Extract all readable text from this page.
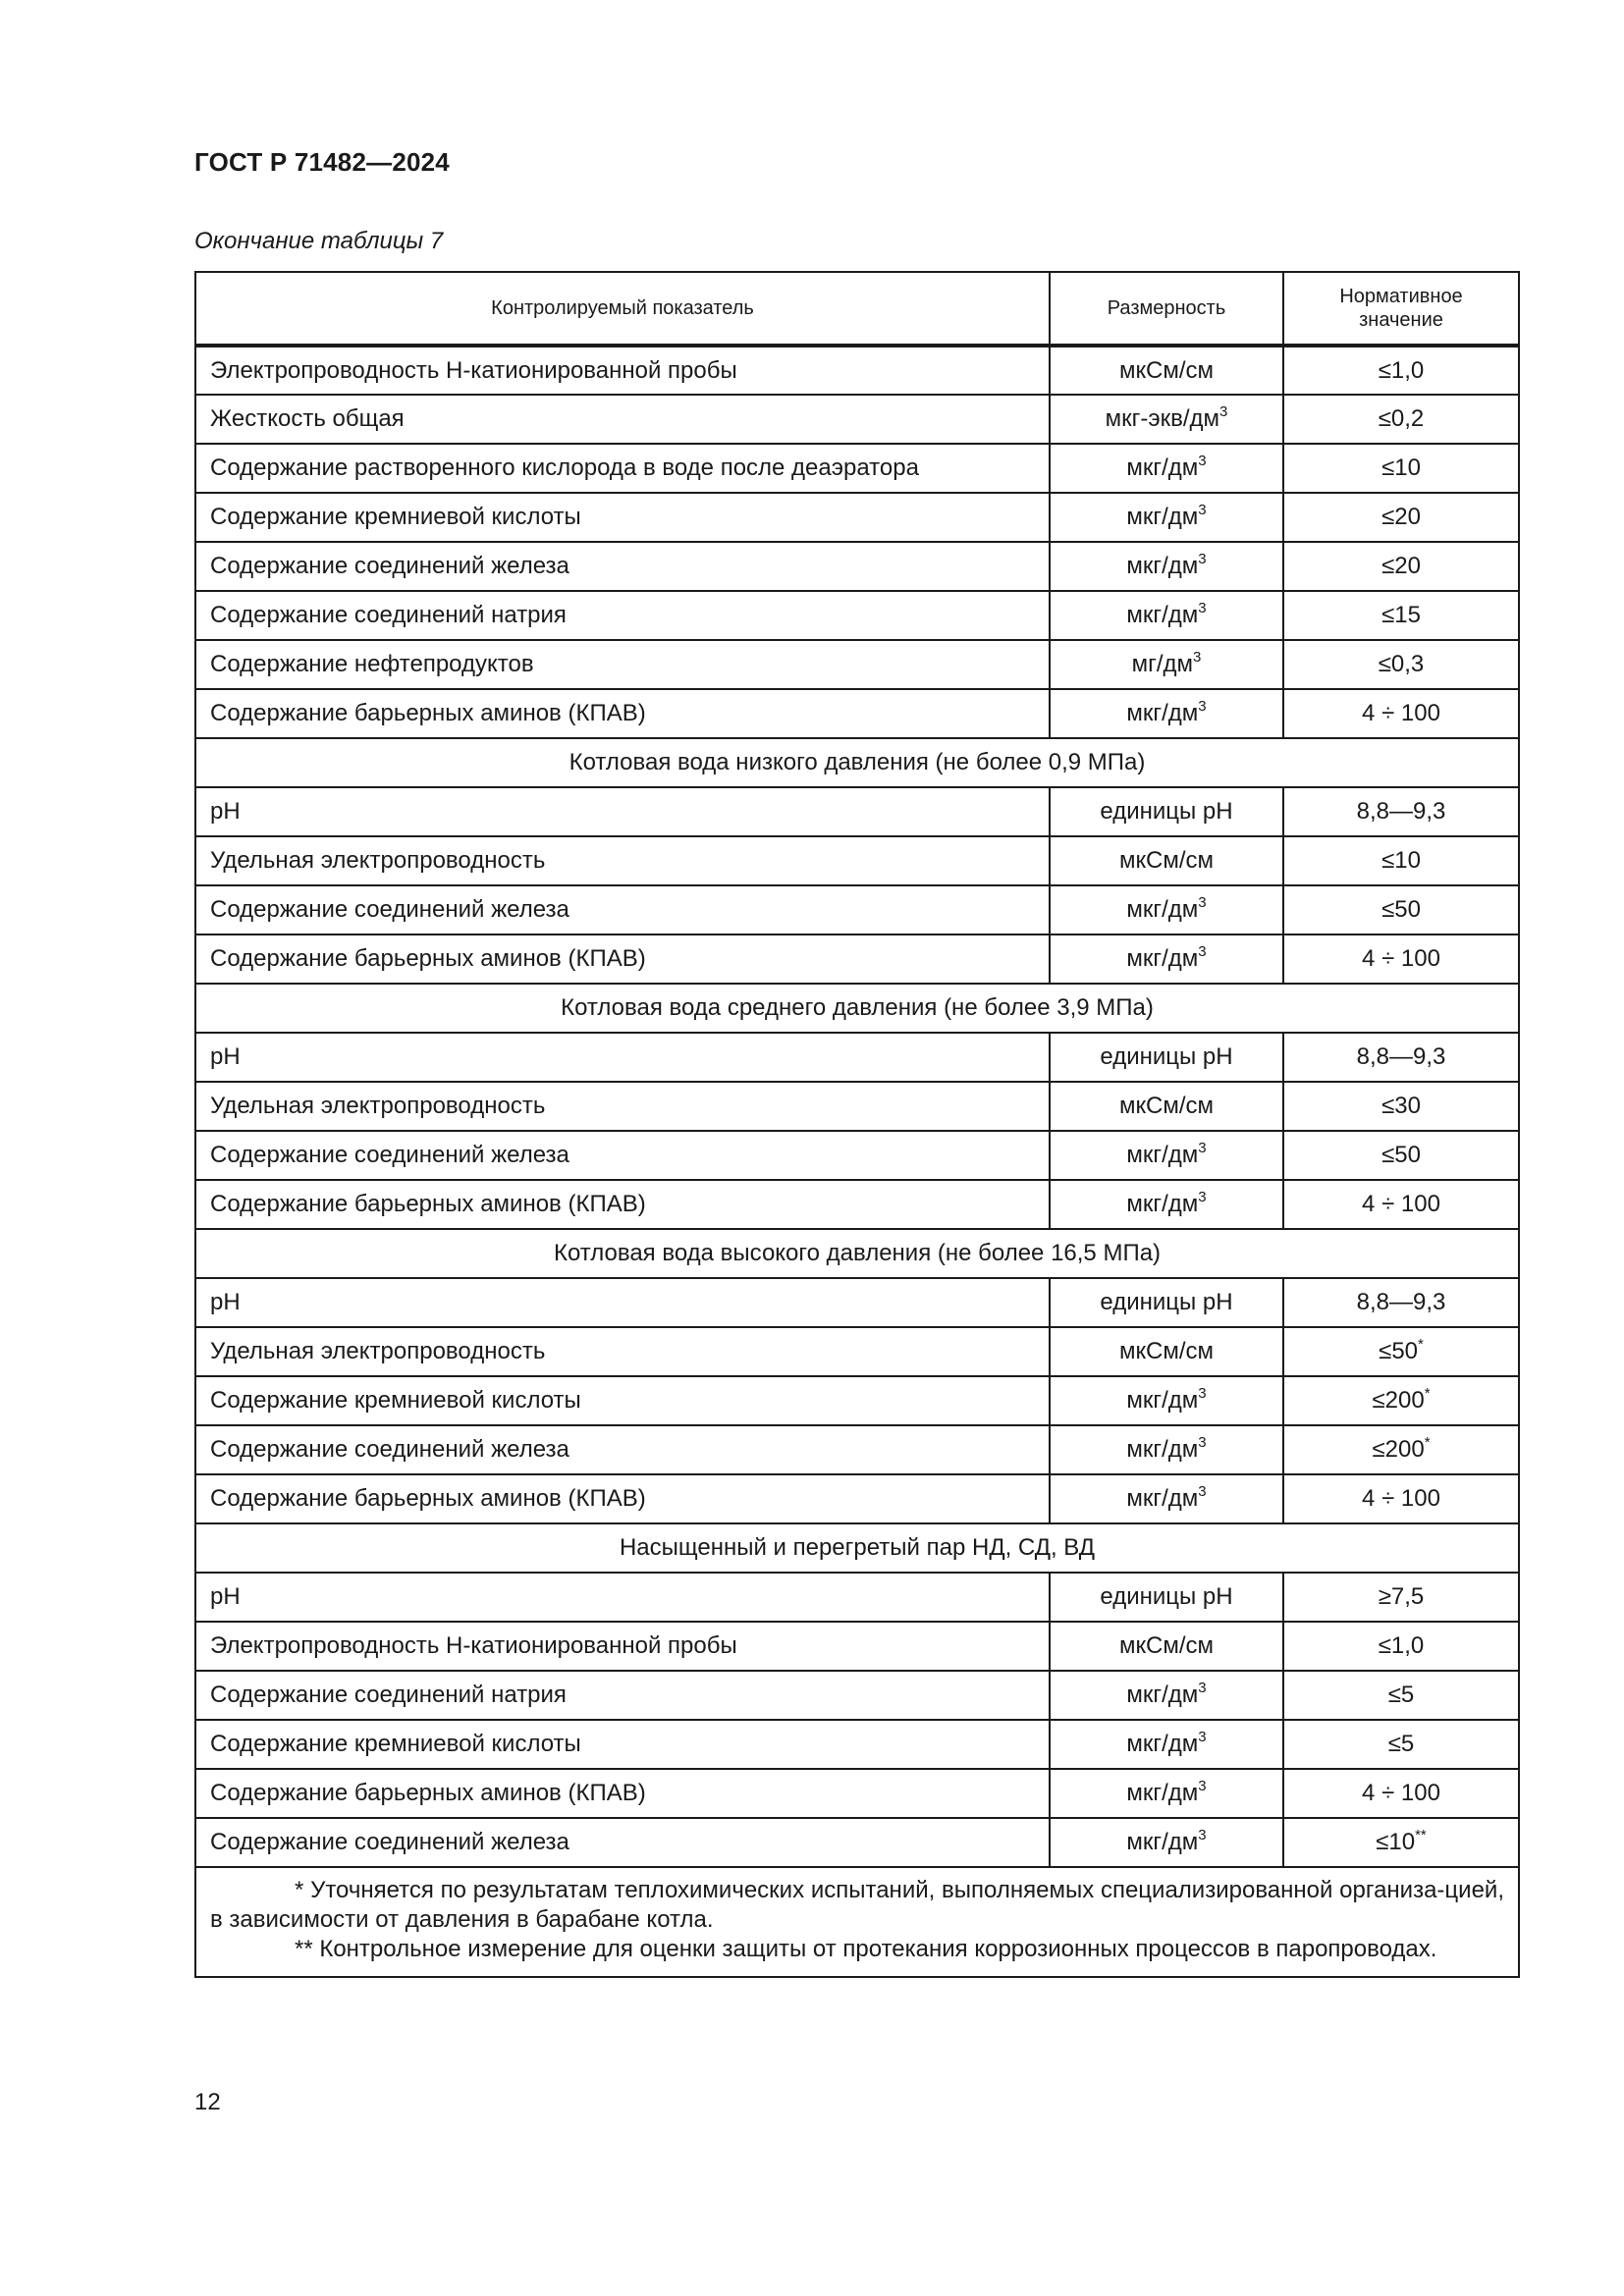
ГОСТ Р 71482—2024
Окончание таблицы 7
Контролируемый показатель	Размерность	Нормативное значение
Электропроводность Н-катионированной пробы	мкСм/см	≤1,0
Жесткость общая	мкг-$экв/дм^3$	≤0,2
Содержание растворенного кислорода в воде после деаэратора	мкг/$дм^3$	≤10
Содержание кремниевой кислоты	мкг/$дм^3$	≤20
Содержание соединений железа	мкг/$дм^3$	≤20
Содержание соединений натрия	мкг/$дм^3$	≤15
Содержание нефтепродуктов	$мг/дм^3$	≤0,3
Содержание барьерных аминов (КПАВ)	мкг/$дм^3$	4 ÷ 100
Котловая вода низкого давления (не более 0,9 МПа)		
pH	единицы pH	8,8—9,3
Удельная электропроводность	мкСм/см	≤10
Содержание соединений железа	мкг/$дм^3$	≤50
Содержание барьерных аминов (КПАВ)	мкг/$дм^3$	4 ÷ 100
Котловая вода среднего давления (не более 3,9 МПа)		
pH	единицы pH	8,8—9,3
Удельная электропроводность	мкСм/см	≤30
Содержание соединений железа	мкг/$дм^3$	≤50
Содержание барьерных аминов (КПАВ)	мкг/$дм^3$	4 ÷ 100
Котловая вода высокого давления (не более 16,5 МПа)		
pH	единицы pH	8,8—9,3
Удельная электропроводность	мкСм/см	≤50*
Содержание кремниевой кислоты	мкг/$дм^3$	≤200*
Содержание соединений железа	мкг/$дм^3$	≤200*
Содержание барьерных аминов (КПАВ)	мкг/$дм^3$	4 ÷ 100
Насыщенный и перегретый пар НД, СД, ВД		
pH	единицы pH	≥7,5
Электропроводность Н-катионированной пробы	мкСм/см	≤1,0
Содержание соединений натрия	мкг/$дм^3$	≤5
Содержание кремниевой кислоты	мкг/$дм^3$	≤5
Содержание барьерных аминов (КПАВ)	мкг/$дм^3$	4 ÷ 100
Содержание соединений железа	мкг/$дм^3$	≤10**

* Уточняется по результатам теплохимических испытаний, выполняемых специализированной организа-цией, в зависимости от давления в барабане котла.
** Контрольное измерение для оценки защиты от протекания коррозионных процессов в паропроводах.		
12
